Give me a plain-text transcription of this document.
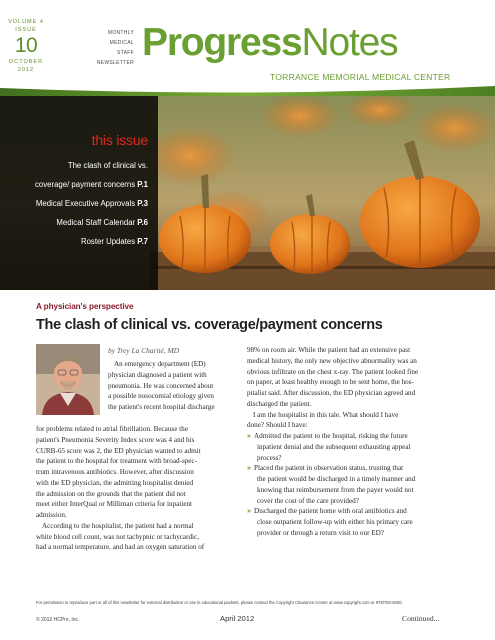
VOLUME 4
ISSUE
10
OCTOBER
2012
MONTHLY
MEDICAL
STAFF
NEWSLETTER ProgressNotes
TORRANCE MEMORIAL MEDICAL CENTER
this issue
The clash of clinical vs.
coverage/ payment concerns P.1
Medical Executive Approvals P.3
Medical Staff Calendar P.6
Roster Updates P.7
A physician's perspective
The clash of clinical vs. coverage/payment concerns
by Trey La Charité, MD
An emergency department (ED)
physician diagnosed a patient with
pneumonia. He was concerned about
a possible nosocomial etiology given
the patient's recent hospital discharge
for problems related to atrial fibrillation. Because the
patient's Pneumonia Severity Index score was 4 and his
CURB-65 score was 2, the ED physician wanted to admit
the patient to the hospital for treatment with broad-spec-
trum intravenous antibiotics. However, after discussion
with the ED physician, the admitting hospitalist denied
the admission on the grounds that the patient did not
meet either InterQual or Milliman criteria for inpatient
admission.
According to the hospitalist, the patient had a normal
white blood cell count, was not tachypnic or tachycardic,
had a normal temperature, and had an oxygen saturation of
98% on room air. While the patient had an extensive past
medical history, the only new objective abnormality was an
obvious infiltrate on the chest x-ray. The patient looked fine
on paper, at least healthy enough to be sent home, the hos-
pitalist said. After discussion, the ED physician agreed and
discharged the patient.
I am the hospitalist in this tale. What should I have
done? Should I have:
» Admitted the patient to the hospital, risking the future
inpatient denial and the subsequent exhausting appeal
process?
» Placed the patient in observation status, trusting that
the patient would be discharged in a timely manner and
knowing that reimbursement from the payer would not
cover the cost of the care provided?
» Discharged the patient home with oral antibiotics and
close outpatient follow-up with either his primary care
provider or through a return visit to our ED?
For permission to reproduce part or all of this newsletter for external distribution or use in educational packets, please contact the Copyright Clearance Center at www.copyright.com or 978/750-8400.
© 2012 HCPro, Inc.	April 2012	Continued...
